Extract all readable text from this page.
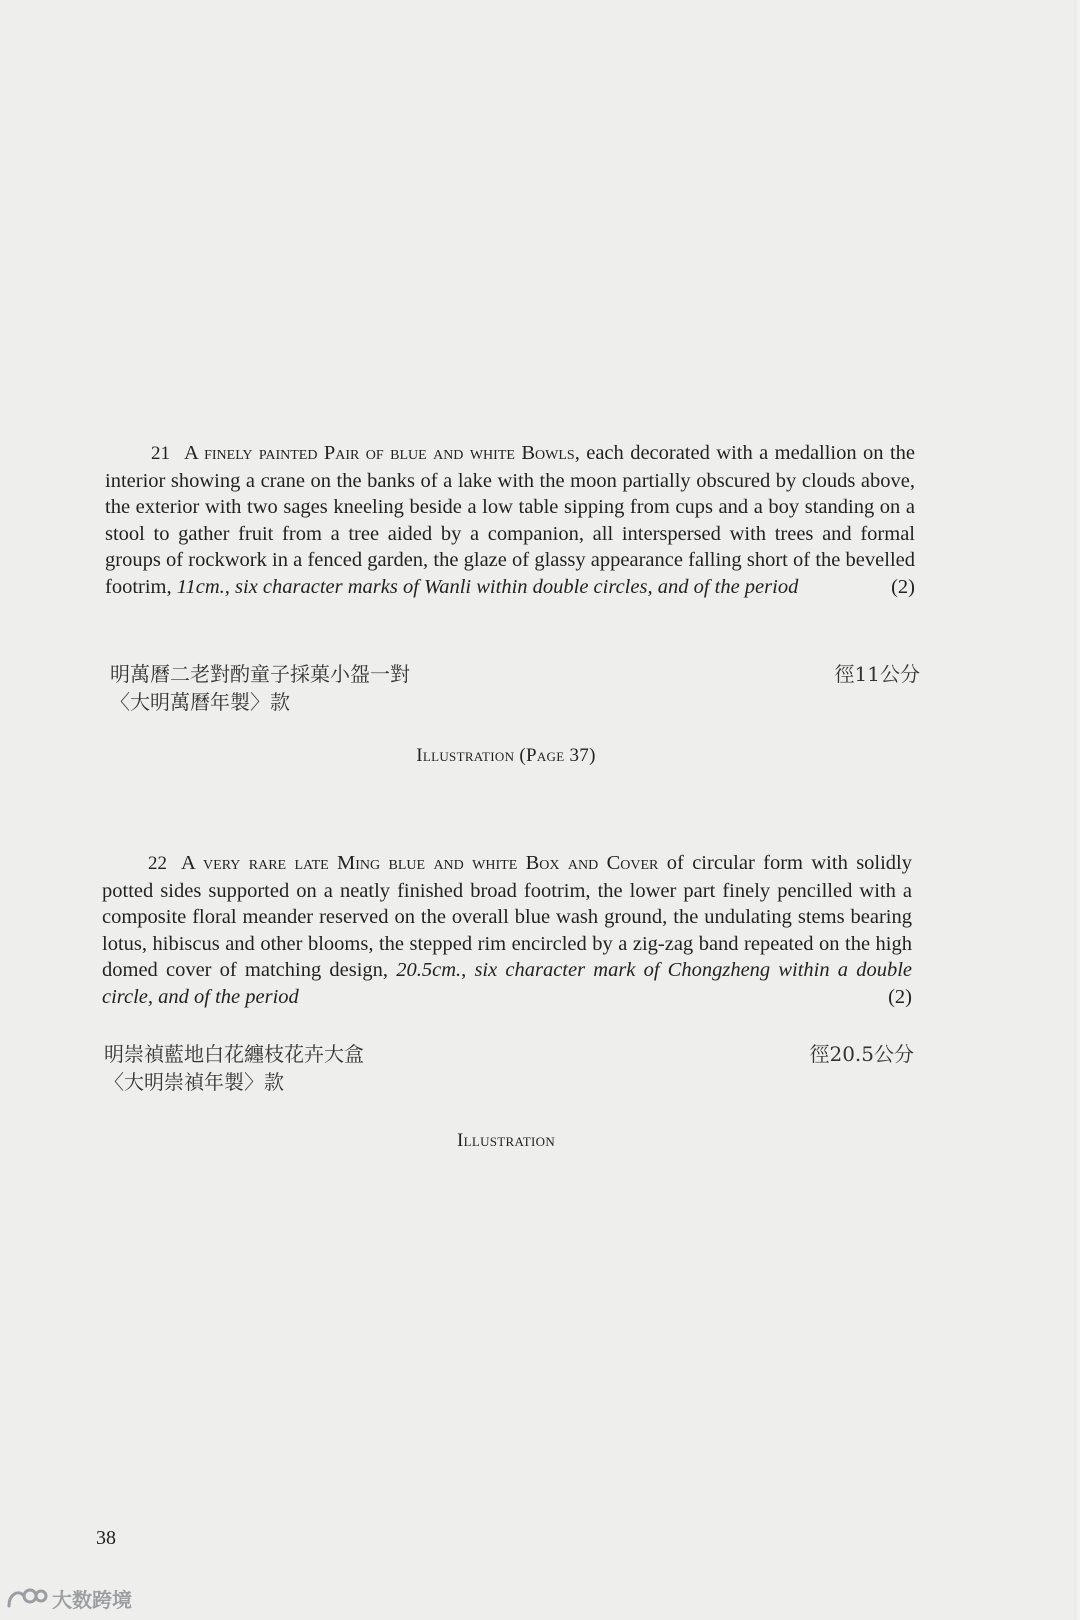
21 A finely painted Pair of blue and white Bowls, each decorated with a medallion on the interior showing a crane on the banks of a lake with the moon partially obscured by clouds above, the exterior with two sages kneeling beside a low table sipping from cups and a boy standing on a stool to gather fruit from a tree aided by a companion, all interspersed with trees and formal groups of rockwork in a fenced garden, the glaze of glassy appearance falling short of the bevelled footrim, 11cm., six character marks of Wanli within double circles, and of the period	(2)

明萬曆二老對酌童子採菓小盌一對
〈大明萬曆年製〉款
徑11公分
Illustration (Page 37)

22 A very rare late Ming blue and white Box and Cover of circular form with solidly potted sides supported on a neatly finished broad footrim, the lower part finely pencilled with a composite floral meander reserved on the overall blue wash ground, the undulating stems bearing lotus, hibiscus and other blooms, the stepped rim encircled by a zig-zag band repeated on the high domed cover of matching design, 20.5cm., six character mark of Chongzheng within a double circle, and of the period	(2)

明崇禎藍地白花纏枝花卉大盒
〈大明崇禎年製〉款
徑20.5公分
Illustration
38
大数跨境
